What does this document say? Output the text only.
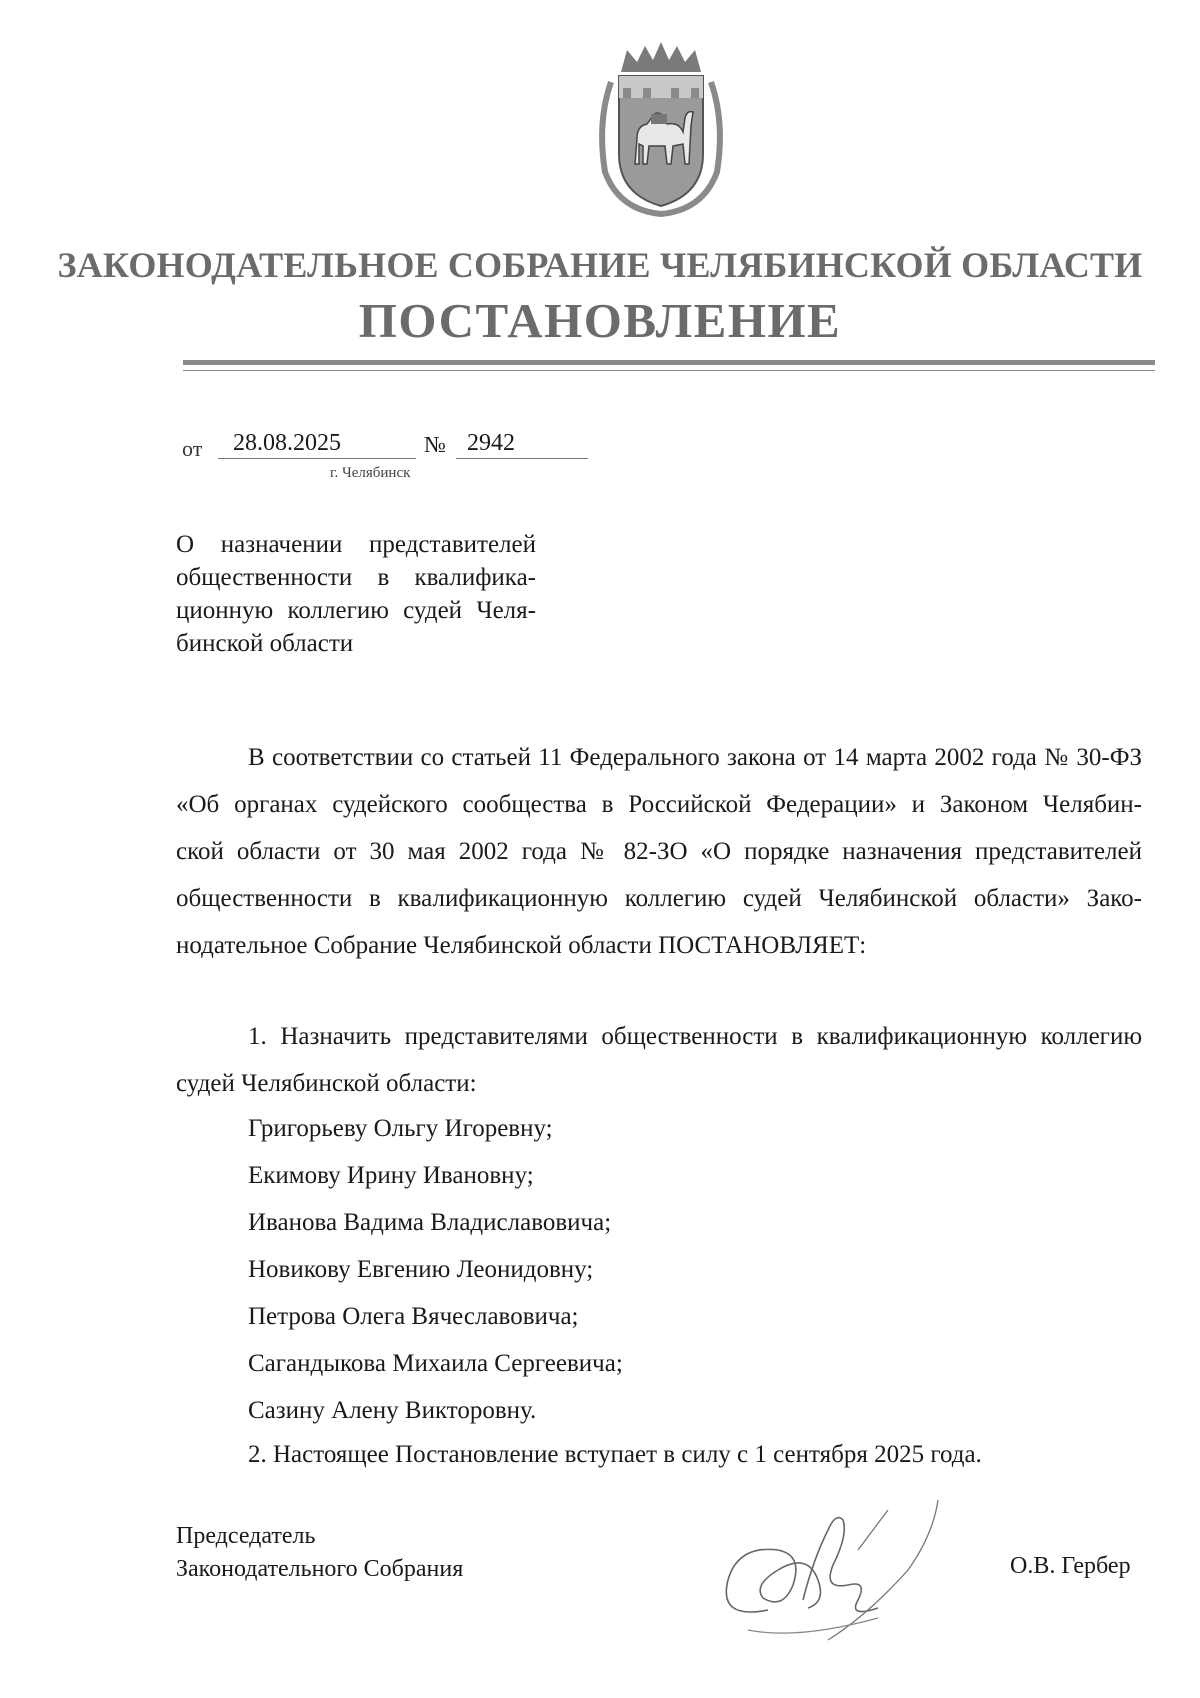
ЗАКОНОДАТЕЛЬНОЕ СОБРАНИЕ ЧЕЛЯБИНСКОЙ ОБЛАСТИ
ПОСТАНОВЛЕНИЕ
от 28.08.2025	№ 2942
г. Челябинск
О назначении представителей
общественности в квалифика-
ционную коллегию судей Челя-
бинской области
В соответствии со статьей 11 Федерального закона от 14 марта 2002 года № 30-ФЗ
«Об органах судейского сообщества в Российской Федерации» и Законом Челябин-
ской области от 30 мая 2002 года № 82-ЗО «О порядке назначения представителей
общественности в квалификационную коллегию судей Челябинской области» Зако-
нодательное Собрание Челябинской области ПОСТАНОВЛЯЕТ:
1. Назначить представителями общественности в квалификационную коллегию
судей Челябинской области:
Григорьеву Ольгу Игоревну;
Екимову Ирину Ивановну;
Иванова Вадима Владиславовича;
Новикову Евгению Леонидовну;
Петрова Олега Вячеславовича;
Сагандыкова Михаила Сергеевича;
Сазину Алену Викторовну.
2. Настоящее Постановление вступает в силу с 1 сентября 2025 года.
Председатель
Законодательного Собрания	О.В. Гербер
